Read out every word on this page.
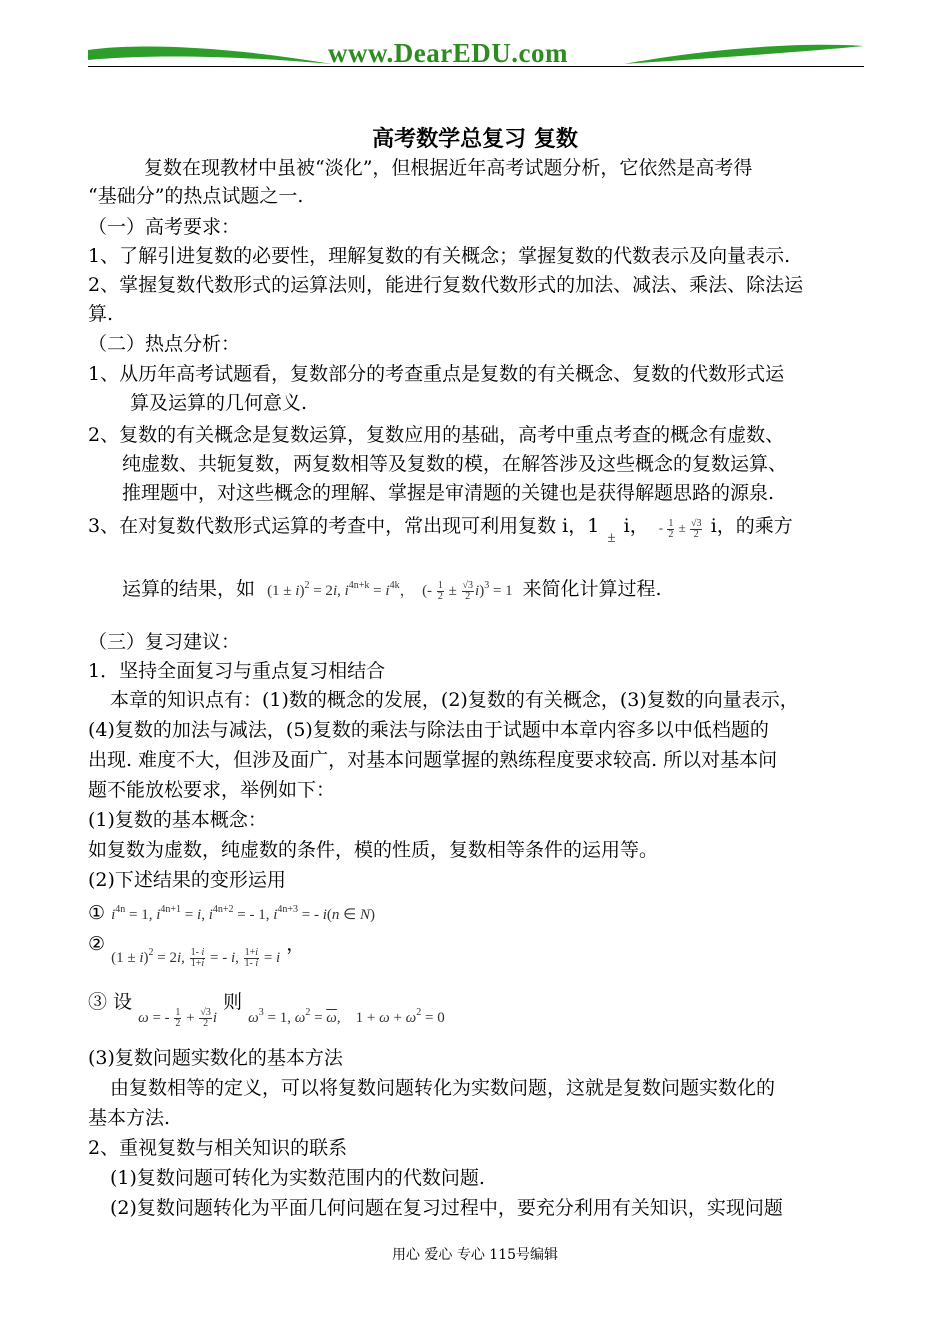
www.DearEDU.com
高考数学总复习 复数
复数在现教材中虽被“淡化”，但根据近年高考试题分析，它依然是高考得
“基础分”的热点试题之一.
（一）高考要求：
1、了解引进复数的必要性，理解复数的有关概念；掌握复数的代数表示及向量表示.
2、掌握复数代数形式的运算法则，能进行复数代数形式的加法、减法、乘法、除法运
算.
（二）热点分析：
1、从历年高考试题看，复数部分的考查重点是复数的有关概念、复数的代数形式运
算及运算的几何意义.
2、复数的有关概念是复数运算，复数应用的基础，高考中重点考查的概念有虚数、
纯虚数、共轭复数，两复数相等及复数的模，在解答涉及这些概念的复数运算、
推理题中，对这些概念的理解、掌握是审清题的关键也是获得解题思路的源泉.
3、在对复数代数形式运算的考查中，常出现可利用复数 i，1 ± i， - $\frac{1}{2} \pm \frac{√3}{2}$ i，的乘方
运算的结果，如 $(1 \pm i)^2 = 2i$, $i^{4n+k} = i^{4k}$，  (- $\frac{1}{2} \pm \frac{√3}{2} i)^3 = 1$ 来简化计算过程.
（三）复习建议：
1．坚持全面复习与重点复习相结合
本章的知识点有：(1)数的概念的发展，(2)复数的有关概念，(3)复数的向量表示，
(4)复数的加法与减法，(5)复数的乘法与除法由于试题中本章内容多以中低档题的
出现. 难度不大，但涉及面广，对基本问题掌握的熟练程度要求较高. 所以对基本问
题不能放松要求，举例如下：
(1)复数的基本概念：
如复数为虚数，纯虚数的条件，模的性质，复数相等条件的运用等。
(2)下述结果的变形运用
① $i^{4n} = 1$, $i^{4n+1} = i$, $i^{4n+2}$ = - 1, $i^{4n+3}$ = - i(n ∈ N)
② $(1 \pm i)^2 = 2i$, $\frac{1- i}{1+i}$ = - i, $\frac{1+i}{1- i} = i$ ，
③ 设 ω = - $\frac{1}{2} + \frac{√3}{2}$ i 则 $\omega^3 = 1$, $\omega^2 = \overline{\omega}$,    $1 + \omega + \omega^2 = 0$
(3)复数问题实数化的基本方法
由复数相等的定义，可以将复数问题转化为实数问题，这就是复数问题实数化的
基本方法.
2、重视复数与相关知识的联系
(1)复数问题可转化为实数范围内的代数问题.
(2)复数问题转化为平面几何问题在复习过程中，要充分利用有关知识，实现问题
用心 爱心 专心 115号编辑
